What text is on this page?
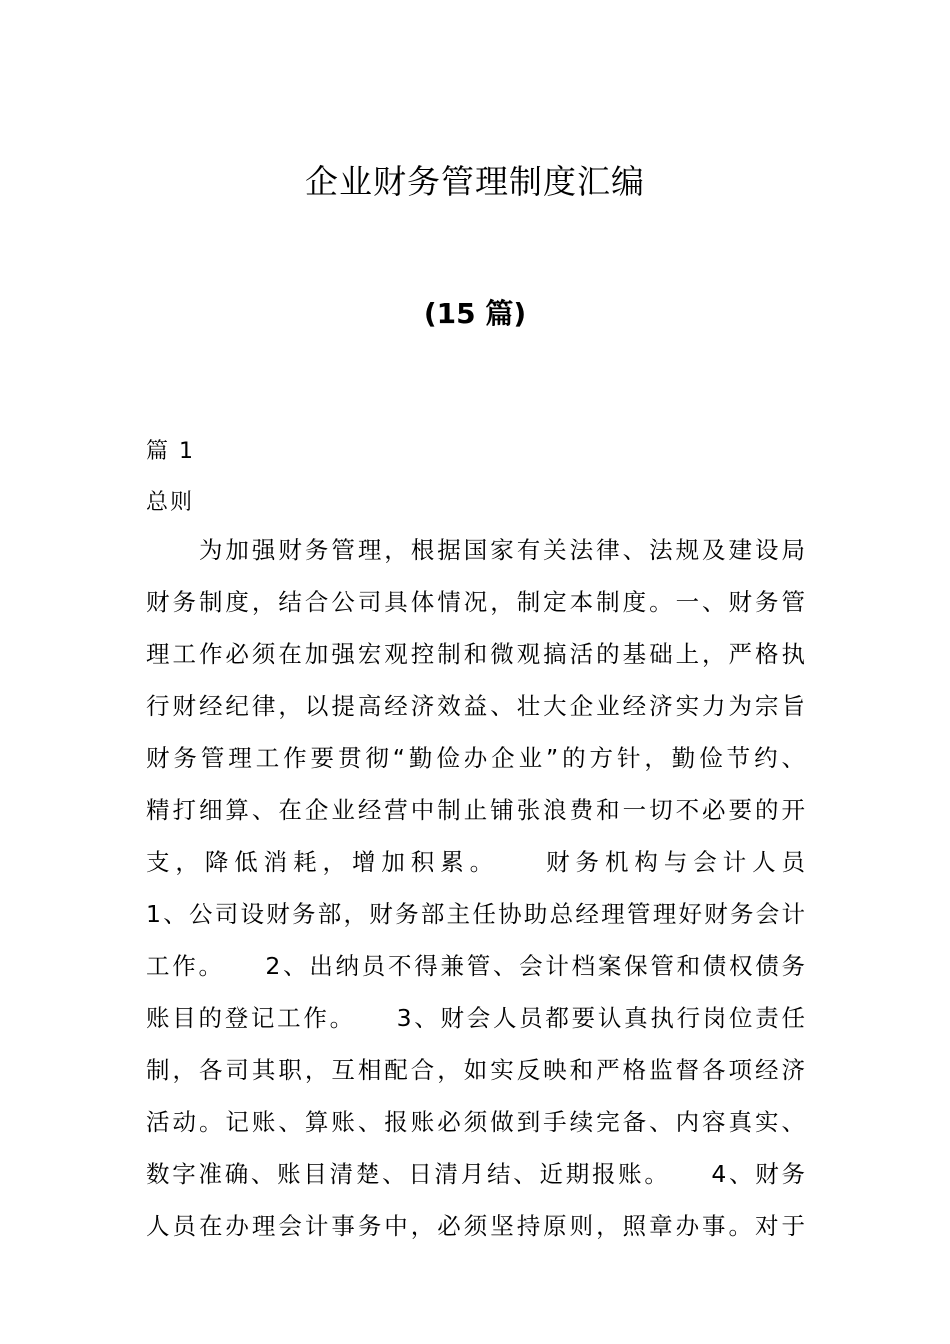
企业财务管理制度汇编
(15 篇)
篇 1
总则
　　为加强财务管理，根据国家有关法律、法规及建设局
财务制度，结合公司具体情况，制定本制度。一、财务管
理工作必须在加强宏观控制和微观搞活的基础上，严格执
行财经纪律，以提高经济效益、壮大企业经济实力为宗旨
财务管理工作要贯彻“勤俭办企业”的方针，勤俭节约、
精打细算、在企业经营中制止铺张浪费和一切不必要的开
支，降低消耗，增加积累。　　财务机构与会计人员
1、公司设财务部，财务部主任协助总经理管理好财务会计
工作。　　2、出纳员不得兼管、会计档案保管和债权债务
账目的登记工作。　　3、财会人员都要认真执行岗位责任
制，各司其职，互相配合，如实反映和严格监督各项经济
活动。记账、算账、报账必须做到手续完备、内容真实、
数字准确、账目清楚、日清月结、近期报账。　　4、财务
人员在办理会计事务中，必须坚持原则，照章办事。对于
